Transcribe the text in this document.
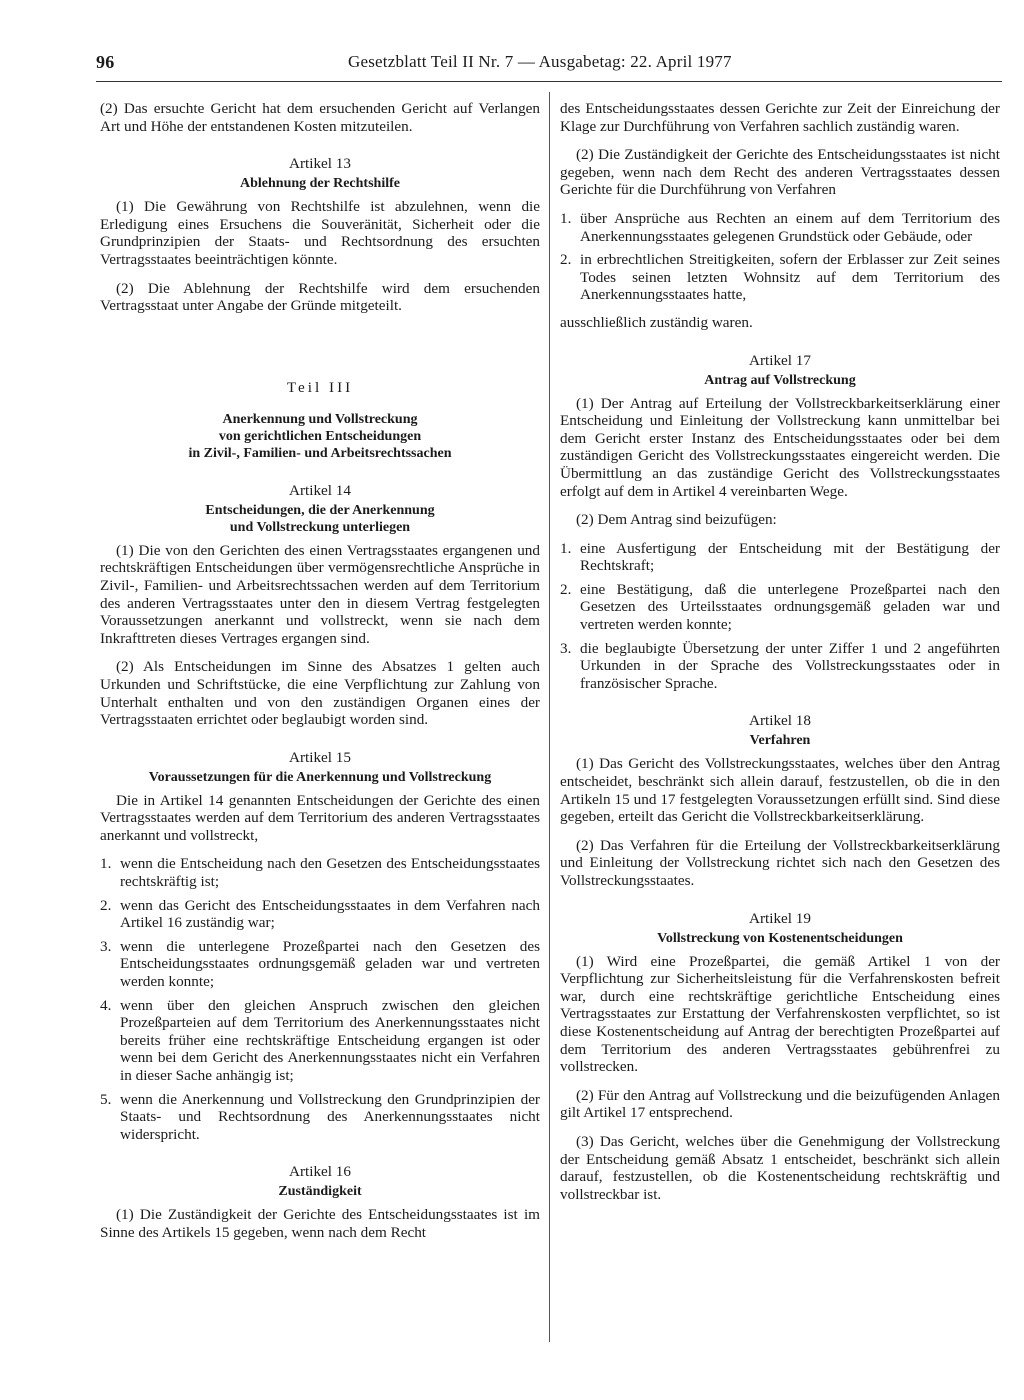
96	Gesetzblatt Teil II Nr. 7 — Ausgabetag: 22. April 1977

(2) Das ersuchte Gericht hat dem ersuchenden Gericht auf Verlangen Art und Höhe der entstandenen Kosten mitzuteilen.

Artikel 13
Ablehnung der Rechtshilfe

(1) Die Gewährung von Rechtshilfe ist abzulehnen, wenn die Erledigung eines Ersuchens die Souveränität, Sicherheit oder die Grundprinzipien der Staats- und Rechtsordnung des ersuchten Vertragsstaates beeinträchtigen könnte.

(2) Die Ablehnung der Rechtshilfe wird dem ersuchenden Vertragsstaat unter Angabe der Gründe mitgeteilt.

Teil III
Anerkennung und Vollstreckung
von gerichtlichen Entscheidungen
in Zivil-, Familien- und Arbeitsrechtssachen
Artikel 14
Entscheidungen, die der Anerkennung
und Vollstreckung unterliegen

(1) Die von den Gerichten des einen Vertragsstaates ergangenen und rechtskräftigen Entscheidungen über vermögensrechtliche Ansprüche in Zivil-, Familien- und Arbeitsrechtssachen werden auf dem Territorium des anderen Vertragsstaates unter den in diesem Vertrag festgelegten Voraussetzungen anerkannt und vollstreckt, wenn sie nach dem Inkrafttreten dieses Vertrages ergangen sind.

(2) Als Entscheidungen im Sinne des Absatzes 1 gelten auch Urkunden und Schriftstücke, die eine Verpflichtung zur Zahlung von Unterhalt enthalten und von den zuständigen Organen eines der Vertragsstaaten errichtet oder beglaubigt worden sind.

Artikel 15
Voraussetzungen für die Anerkennung und Vollstreckung

Die in Artikel 14 genannten Entscheidungen der Gerichte des einen Vertragsstaates werden auf dem Territorium des anderen Vertragsstaates anerkannt und vollstreckt,

1. wenn die Entscheidung nach den Gesetzen des Entscheidungsstaates rechtskräftig ist;
2. wenn das Gericht des Entscheidungsstaates in dem Verfahren nach Artikel 16 zuständig war;
3. wenn die unterlegene Prozeßpartei nach den Gesetzen des Entscheidungsstaates ordnungsgemäß geladen war und vertreten werden konnte;
4. wenn über den gleichen Anspruch zwischen den gleichen Prozeßparteien auf dem Territorium des Anerkennungsstaates nicht bereits früher eine rechtskräftige Entscheidung ergangen ist oder wenn bei dem Gericht des Anerkennungsstaates nicht ein Verfahren in dieser Sache anhängig ist;
5. wenn die Anerkennung und Vollstreckung den Grundprinzipien der Staats- und Rechtsordnung des Anerkennungsstaates nicht widerspricht.
Artikel 16
Zuständigkeit

(1) Die Zuständigkeit der Gerichte des Entscheidungsstaates ist im Sinne des Artikels 15 gegeben, wenn nach dem Recht

des Entscheidungsstaates dessen Gerichte zur Zeit der Einreichung der Klage zur Durchführung von Verfahren sachlich zuständig waren.

(2) Die Zuständigkeit der Gerichte des Entscheidungsstaates ist nicht gegeben, wenn nach dem Recht des anderen Vertragsstaates dessen Gerichte für die Durchführung von Verfahren

1. über Ansprüche aus Rechten an einem auf dem Territorium des Anerkennungsstaates gelegenen Grundstück oder Gebäude, oder
2. in erbrechtlichen Streitigkeiten, sofern der Erblasser zur Zeit seines Todes seinen letzten Wohnsitz auf dem Territorium des Anerkennungsstaates hatte,

ausschließlich zuständig waren.

Artikel 17
Antrag auf Vollstreckung

(1) Der Antrag auf Erteilung der Vollstreckbarkeitserklärung einer Entscheidung und Einleitung der Vollstreckung kann unmittelbar bei dem Gericht erster Instanz des Entscheidungsstaates oder bei dem zuständigen Gericht des Vollstreckungsstaates eingereicht werden. Die Übermittlung an das zuständige Gericht des Vollstreckungsstaates erfolgt auf dem in Artikel 4 vereinbarten Wege.

(2) Dem Antrag sind beizufügen:

1. eine Ausfertigung der Entscheidung mit der Bestätigung der Rechtskraft;
2. eine Bestätigung, daß die unterlegene Prozeßpartei nach den Gesetzen des Urteilsstaates ordnungsgemäß geladen war und vertreten werden konnte;
3. die beglaubigte Übersetzung der unter Ziffer 1 und 2 angeführten Urkunden in der Sprache des Vollstreckungsstaates oder in französischer Sprache.
Artikel 18
Verfahren

(1) Das Gericht des Vollstreckungsstaates, welches über den Antrag entscheidet, beschränkt sich allein darauf, festzustellen, ob die in den Artikeln 15 und 17 festgelegten Voraussetzungen erfüllt sind. Sind diese gegeben, erteilt das Gericht die Vollstreckbarkeitserklärung.

(2) Das Verfahren für die Erteilung der Vollstreckbarkeitserklärung und Einleitung der Vollstreckung richtet sich nach den Gesetzen des Vollstreckungsstaates.

Artikel 19
Vollstreckung von Kostenentscheidungen

(1) Wird eine Prozeßpartei, die gemäß Artikel 1 von der Verpflichtung zur Sicherheitsleistung für die Verfahrenskosten befreit war, durch eine rechtskräftige gerichtliche Entscheidung eines Vertragsstaates zur Erstattung der Verfahrenskosten verpflichtet, so ist diese Kostenentscheidung auf Antrag der berechtigten Prozeßpartei auf dem Territorium des anderen Vertragsstaates gebührenfrei zu vollstrecken.

(2) Für den Antrag auf Vollstreckung und die beizufügenden Anlagen gilt Artikel 17 entsprechend.

(3) Das Gericht, welches über die Genehmigung der Vollstreckung der Entscheidung gemäß Absatz 1 entscheidet, beschränkt sich allein darauf, festzustellen, ob die Kostenentscheidung rechtskräftig und vollstreckbar ist.
